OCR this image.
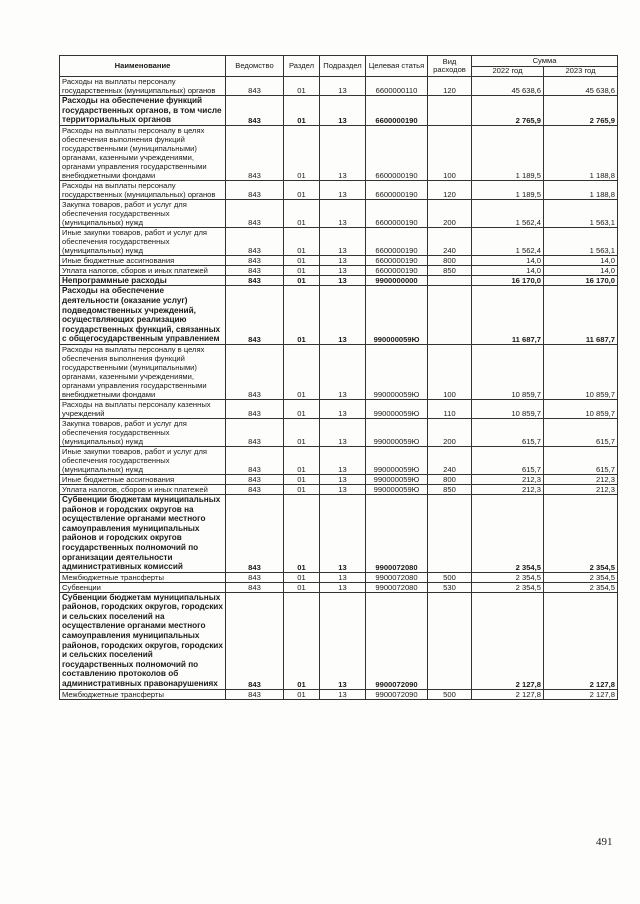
Наименование	Ведомство	Раздел	Подраздел	Целевая статья	Вид расходов	Сумма	
						2022 год	2023 год
Расходы на выплаты персоналу государственных (муниципальных) органов	843	01	13	6600000110	120	45 638,6	45 638,6
Расходы на обеспечение функций государственных органов, в том числе территориальных органов	843	01	13	6600000190		2 765,9	2 765,9
Расходы на выплаты персоналу в целях обеспечения выполнения функций государственными (муниципальными) органами, казенными учреждениями, органами управления государственными внебюджетными фондами	843	01	13	6600000190	100	1 189,5	1 188,8
Расходы на выплаты персоналу государственных (муниципальных) органов	843	01	13	6600000190	120	1 189,5	1 188,8
Закупка товаров, работ и услуг для обеспечения государственных (муниципальных) нужд	843	01	13	6600000190	200	1 562,4	1 563,1
Иные закупки товаров, работ и услуг для обеспечения государственных (муниципальных) нужд	843	01	13	6600000190	240	1 562,4	1 563,1
Иные бюджетные ассигнования	843	01	13	6600000190	800	14,0	14,0
Уплата налогов, сборов и иных платежей	843	01	13	6600000190	850	14,0	14,0
Непрограммные расходы	843	01	13	9900000000		16 170,0	16 170,0
Расходы на обеспечение деятельности (оказание услуг) подведомственных учреждений, осуществляющих реализацию государственных функций, связанных с общегосударственным управлением	843	01	13	990000059Ю		11 687,7	11 687,7
Расходы на выплаты персоналу в целях обеспечения выполнения функций государственными (муниципальными) органами, казенными учреждениями, органами управления государственными внебюджетными фондами	843	01	13	990000059Ю	100	10 859,7	10 859,7
Расходы на выплаты персоналу казенных учреждений	843	01	13	990000059Ю	110	10 859,7	10 859,7
Закупка товаров, работ и услуг для обеспечения государственных (муниципальных) нужд	843	01	13	990000059Ю	200	615,7	615,7
Иные закупки товаров, работ и услуг для обеспечения государственных (муниципальных) нужд	843	01	13	990000059Ю	240	615,7	615,7
Иные бюджетные ассигнования	843	01	13	990000059Ю	800	212,3	212,3
Уплата налогов, сборов и иных платежей	843	01	13	990000059Ю	850	212,3	212,3
Субвенции бюджетам муниципальных районов и городских округов на осуществление органами местного самоуправления муниципальных районов и городских округов государственных полномочий по организации деятельности административных комиссий	843	01	13	9900072080		2 354,5	2 354,5
Межбюджетные трансферты	843	01	13	9900072080	500	2 354,5	2 354,5
Субвенции	843	01	13	9900072080	530	2 354,5	2 354,5
Субвенции бюджетам муниципальных районов, городских округов, городских и сельских поселений на осуществление органами местного самоуправления муниципальных районов, городских округов, городских и сельских поселений государственных полномочий по составлению протоколов об административных правонарушениях	843	01	13	9900072090		2 127,8	2 127,8
Межбюджетные трансферты	843	01	13	9900072090	500	2 127,8	2 127,8
491
